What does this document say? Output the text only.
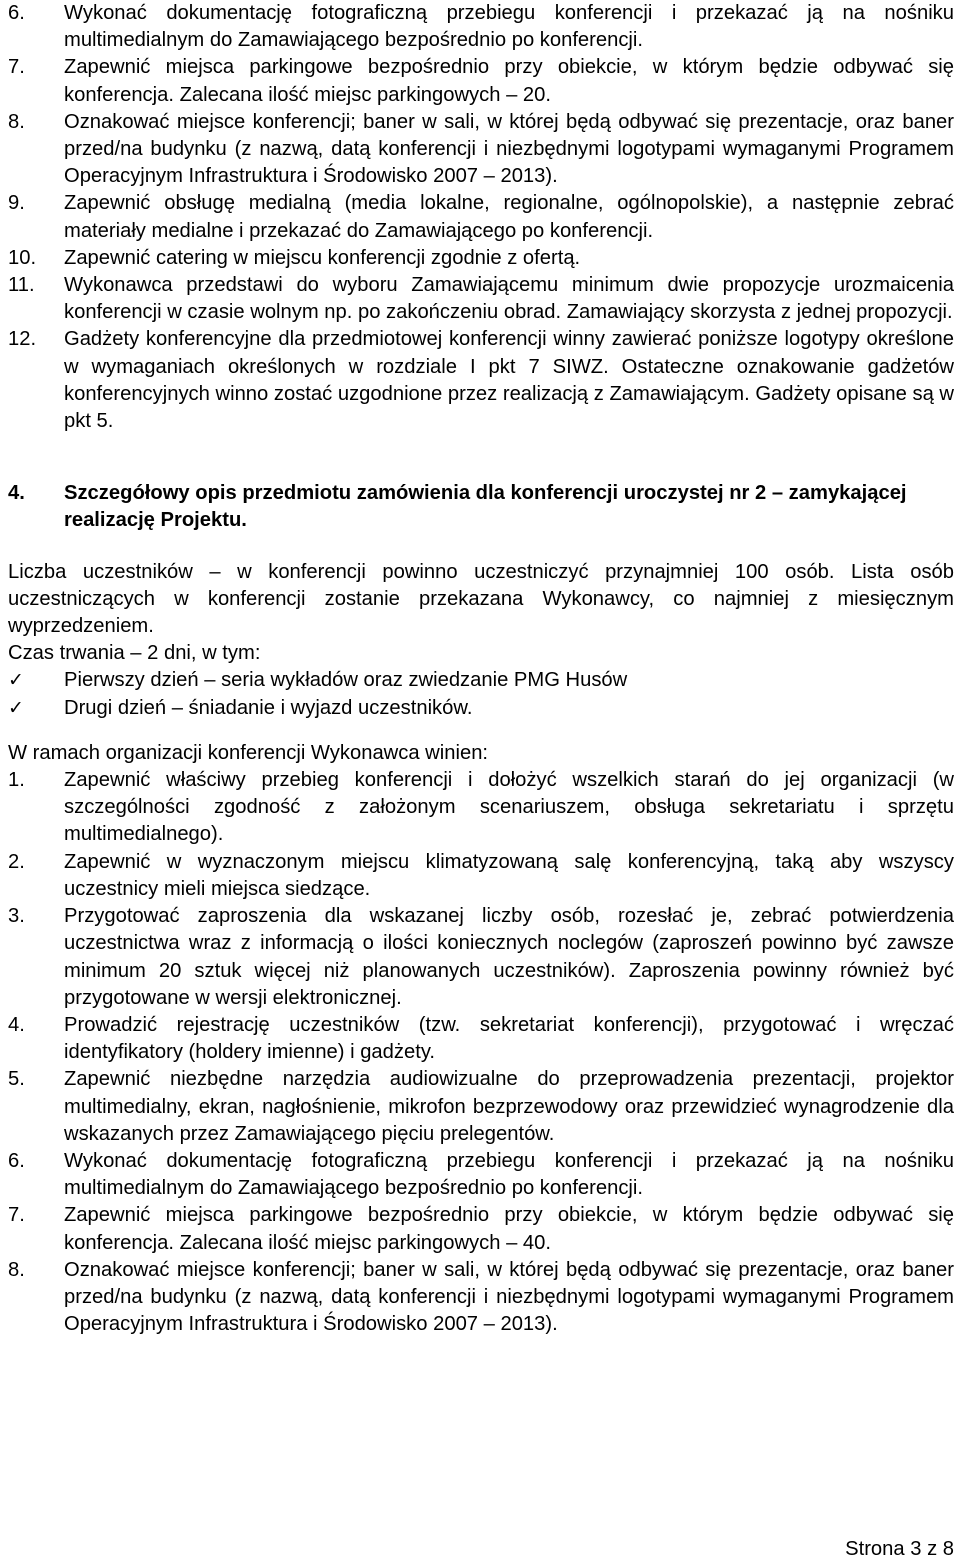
6.	Wykonać dokumentację fotograficzną przebiegu konferencji i przekazać ją na nośniku multimedialnym do Zamawiającego bezpośrednio po konferencji.
7.	Zapewnić miejsca parkingowe bezpośrednio przy obiekcie, w którym będzie odbywać się konferencja. Zalecana ilość miejsc parkingowych – 20.
8.	Oznakować miejsce konferencji; baner w sali, w której będą odbywać się prezentacje, oraz baner przed/na budynku (z nazwą, datą konferencji i niezbędnymi logotypami wymaganymi Programem Operacyjnym Infrastruktura i Środowisko 2007 – 2013).
9.	Zapewnić obsługę medialną (media lokalne, regionalne, ogólnopolskie), a następnie zebrać materiały medialne i przekazać do Zamawiającego po konferencji.
10.	Zapewnić catering w miejscu konferencji zgodnie z ofertą.
11.	Wykonawca przedstawi do wyboru Zamawiającemu minimum dwie propozycje urozmaicenia konferencji w czasie wolnym np. po zakończeniu obrad. Zamawiający skorzysta z jednej propozycji.
12.	Gadżety konferencyjne dla przedmiotowej konferencji winny zawierać poniższe logotypy określone w wymaganiach określonych w rozdziale I pkt 7 SIWZ. Ostateczne oznakowanie gadżetów konferencyjnych winno zostać uzgodnione przez realizacją z Zamawiającym. Gadżety opisane są w pkt 5.
4.	Szczegółowy opis przedmiotu zamówienia dla konferencji uroczystej nr 2 – zamykającej realizację Projektu.
Liczba uczestników – w konferencji powinno uczestniczyć przynajmniej 100 osób. Lista osób uczestniczących w konferencji zostanie przekazana Wykonawcy, co najmniej z miesięcznym wyprzedzeniem.
Czas trwania – 2 dni, w tym:
✓	Pierwszy dzień – seria wykładów oraz zwiedzanie PMG Husów
✓	Drugi dzień – śniadanie i wyjazd uczestników.
W ramach organizacji konferencji Wykonawca winien:
1.	Zapewnić właściwy przebieg konferencji i dołożyć wszelkich starań do jej organizacji (w szczególności zgodność z założonym scenariuszem, obsługa sekretariatu i sprzętu multimedialnego).
2.	Zapewnić w wyznaczonym miejscu klimatyzowaną salę konferencyjną, taką aby wszyscy uczestnicy mieli miejsca siedzące.
3.	Przygotować zaproszenia dla wskazanej liczby osób, rozesłać je, zebrać potwierdzenia uczestnictwa wraz z informacją o ilości koniecznych noclegów (zaproszeń powinno być zawsze minimum 20 sztuk więcej niż planowanych uczestników). Zaproszenia powinny również być przygotowane w wersji elektronicznej.
4.	Prowadzić rejestrację uczestników (tzw. sekretariat konferencji), przygotować i wręczać identyfikatory (holdery imienne) i gadżety.
5.	Zapewnić niezbędne narzędzia audiowizualne do przeprowadzenia prezentacji, projektor multimedialny, ekran, nagłośnienie, mikrofon bezprzewodowy oraz przewidzieć wynagrodzenie dla wskazanych przez Zamawiającego pięciu prelegentów.
6.	Wykonać dokumentację fotograficzną przebiegu konferencji i przekazać ją na nośniku multimedialnym do Zamawiającego bezpośrednio po konferencji.
7.	Zapewnić miejsca parkingowe bezpośrednio przy obiekcie, w którym będzie odbywać się konferencja. Zalecana ilość miejsc parkingowych – 40.
8.	Oznakować miejsce konferencji; baner w sali, w której będą odbywać się prezentacje, oraz baner przed/na budynku (z nazwą, datą konferencji i niezbędnymi logotypami wymaganymi Programem Operacyjnym Infrastruktura i Środowisko 2007 – 2013).
Strona 3 z 8
